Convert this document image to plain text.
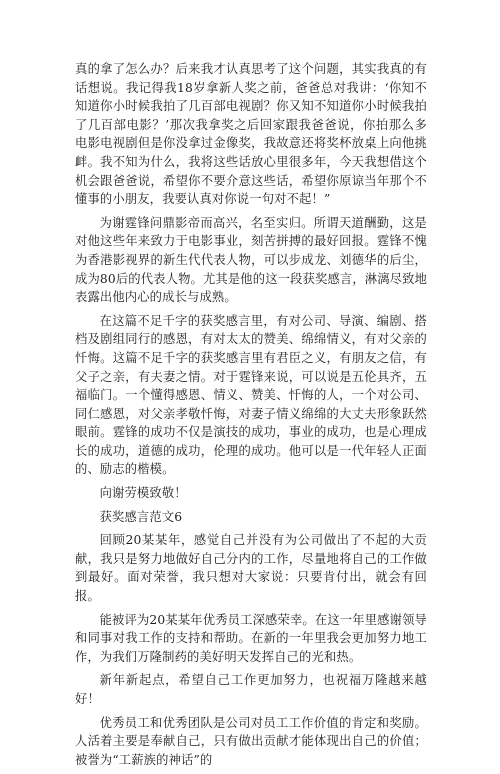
真的拿了怎么办？后来我才认真思考了这个问题，其实我真的有话想说。我记得我18岁拿新人奖之前，爸爸总对我讲：‘你知不知道你小时候我拍了几百部电视剧？你又知不知道你小时候我拍了几百部电影？’那次我拿奖之后回家跟我爸爸说，你拍那么多电影电视剧但是你没拿过金像奖，我故意还将奖杯放桌上向他挑衅。我不知为什么，我将这些话放心里很多年，今天我想借这个机会跟爸爸说，希望你不要介意这些话，希望你原谅当年那个不懂事的小朋友，我要认真对你说一句对不起！”

为谢霆锋问鼎影帝而高兴，名至实归。所谓天道酬勤，这是对他这些年来致力于电影事业，刻苦拼搏的最好回报。霆锋不愧为香港影视界的新生代代表人物，可以步成龙、刘德华的后尘，成为80后的代表人物。尤其是他的这一段获奖感言，淋漓尽致地表露出他内心的成长与成熟。

在这篇不足千字的获奖感言里，有对公司、导演、编剧、搭档及剧组同行的感恩，有对太太的赞美、绵绵情义，有对父亲的忏悔。这篇不足千字的获奖感言里有君臣之义，有朋友之信，有父子之亲，有夫妻之情。对于霆锋来说，可以说是五伦具齐，五福临门。一个懂得感恩、情义、赞美、忏悔的人，一个对公司、同仁感恩，对父亲孝敬忏悔，对妻子情义绵绵的大丈夫形象跃然眼前。霆锋的成功不仅是演技的成功，事业的成功，也是心理成长的成功，道德的成功，伦理的成功。他可以是一代年轻人正面的、励志的楷模。

向谢劳模致敬！

获奖感言范文6

回顾20某某年，感觉自己并没有为公司做出了不起的大贡献，我只是努力地做好自己分内的工作，尽量地将自己的工作做到最好。面对荣誉，我只想对大家说：只要肯付出，就会有回报。

能被评为20某某年优秀员工深感荣幸。在这一年里感谢领导和同事对我工作的支持和帮助。在新的一年里我会更加努力地工作，为我们万隆制药的美好明天发挥自己的光和热。

新年新起点，希望自己工作更加努力，也祝福万隆越来越好！

优秀员工和优秀团队是公司对员工工作价值的肯定和奖励。人活着主要是奉献自己，只有做出贡献才能体现出自己的价值；被誉为“工薪族的神话”的
